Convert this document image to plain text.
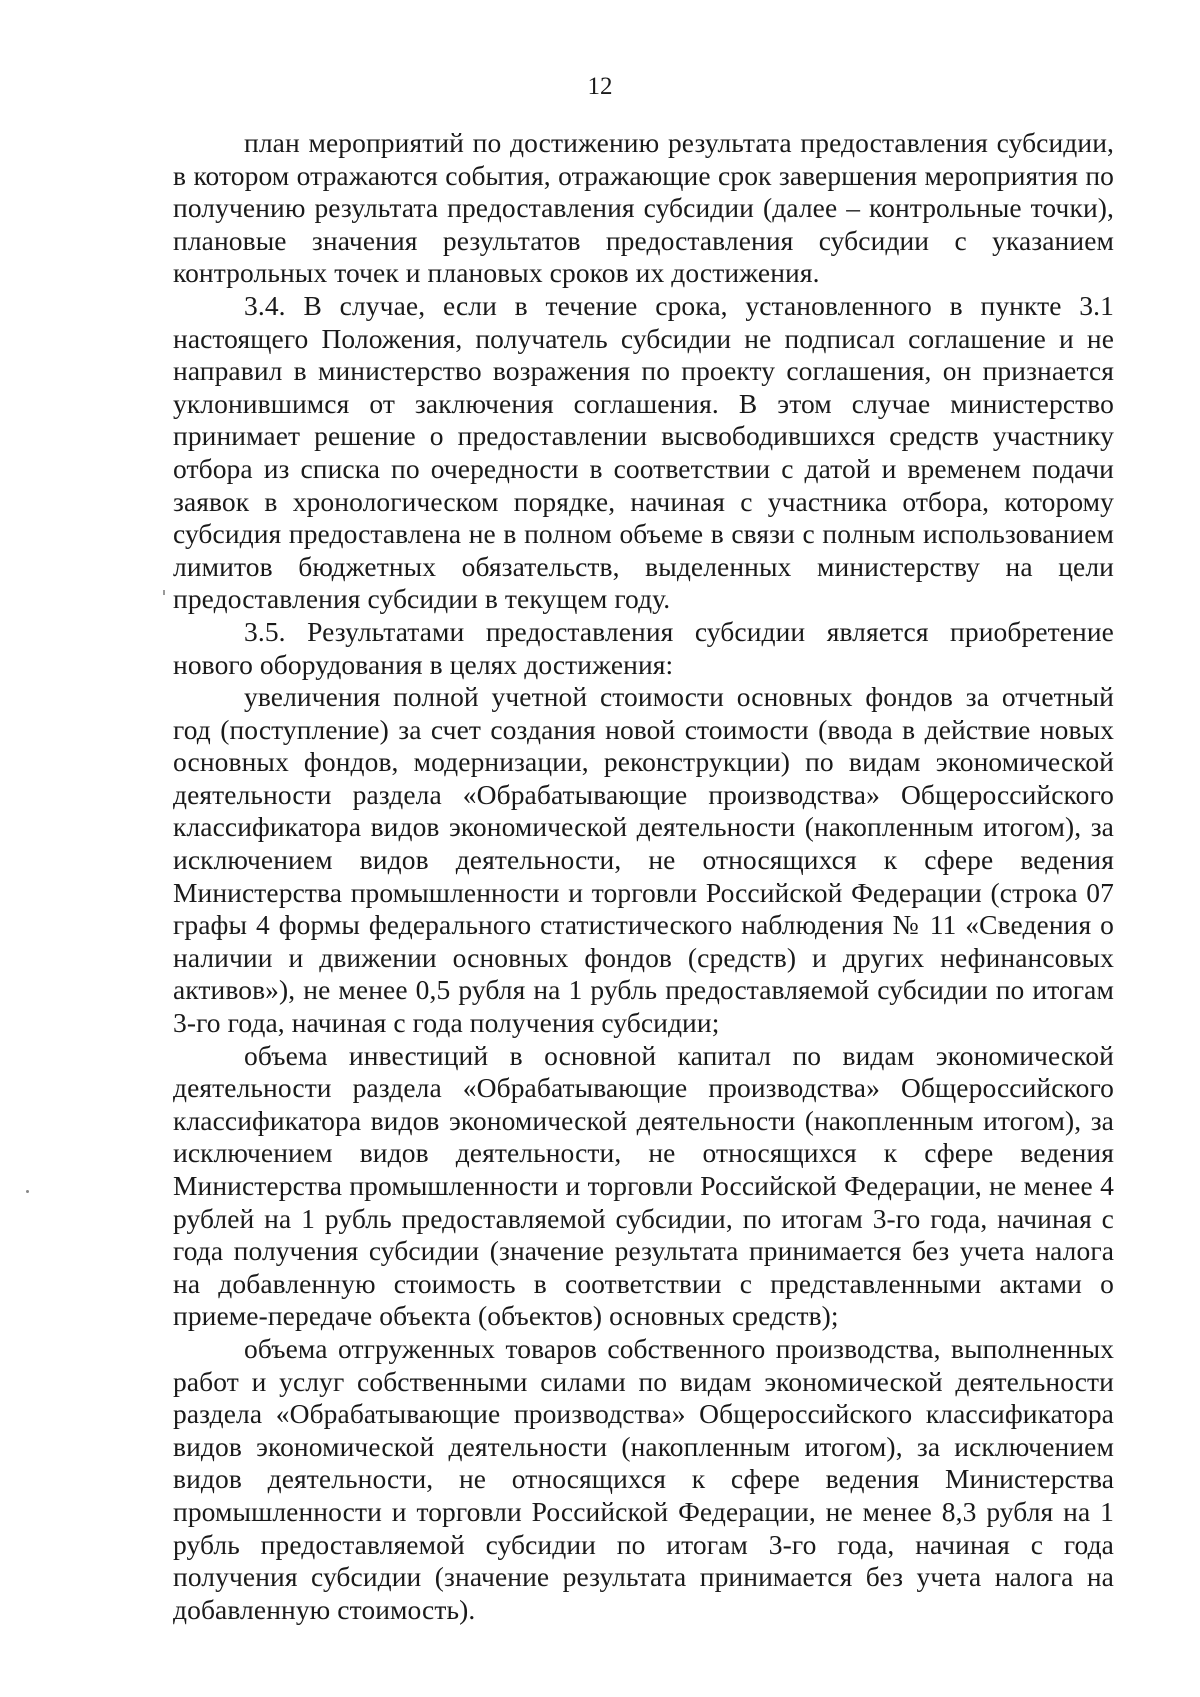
12

план мероприятий по достижению результата предоставления субсидии, в котором отражаются события, отражающие срок завершения мероприятия по получению результата предоставления субсидии (далее – контрольные точки), плановые значения результатов предоставления субсидии с указанием контрольных точек и плановых сроков их достижения.

3.4. В случае, если в течение срока, установленного в пункте 3.1 настоящего Положения, получатель субсидии не подписал соглашение и не направил в министерство возражения по проекту соглашения, он признается уклонившимся от заключения соглашения. В этом случае министерство принимает решение о предоставлении высвободившихся средств участнику отбора из списка по очередности в соответствии с датой и временем подачи заявок в хронологическом порядке, начиная с участника отбора, которому субсидия предоставлена не в полном объеме в связи с полным использованием лимитов бюджетных обязательств, выделенных министерству на цели предоставления субсидии в текущем году.

3.5. Результатами предоставления субсидии является приобретение нового оборудования в целях достижения:

увеличения полной учетной стоимости основных фондов за отчетный год (поступление) за счет создания новой стоимости (ввода в действие новых основных фондов, модернизации, реконструкции) по видам экономической деятельности раздела «Обрабатывающие производства» Общероссийского классификатора видов экономической деятельности (накопленным итогом), за исключением видов деятельности, не относящихся к сфере ведения Министерства промышленности и торговли Российской Федерации (строка 07 графы 4 формы федерального статистического наблюдения № 11 «Сведения о наличии и движении основных фондов (средств) и других нефинансовых активов»), не менее 0,5 рубля на 1 рубль предоставляемой субсидии по итогам 3-го года, начиная с года получения субсидии;

объема инвестиций в основной капитал по видам экономической деятельности раздела «Обрабатывающие производства» Общероссийского классификатора видов экономической деятельности (накопленным итогом), за исключением видов деятельности, не относящихся к сфере ведения Министерства промышленности и торговли Российской Федерации, не менее 4 рублей на 1 рубль предоставляемой субсидии, по итогам 3-го года, начиная с года получения субсидии (значение результата принимается без учета налога на добавленную стоимость в соответствии с представленными актами о приеме-передаче объекта (объектов) основных средств);

объема отгруженных товаров собственного производства, выполненных работ и услуг собственными силами по видам экономической деятельности раздела «Обрабатывающие производства» Общероссийского классификатора видов экономической деятельности (накопленным итогом), за исключением видов деятельности, не относящихся к сфере ведения Министерства промышленности и торговли Российской Федерации, не менее 8,3 рубля на 1 рубль предоставляемой субсидии по итогам 3-го года, начиная с года получения субсидии (значение результата принимается без учета налога на добавленную стоимость).
